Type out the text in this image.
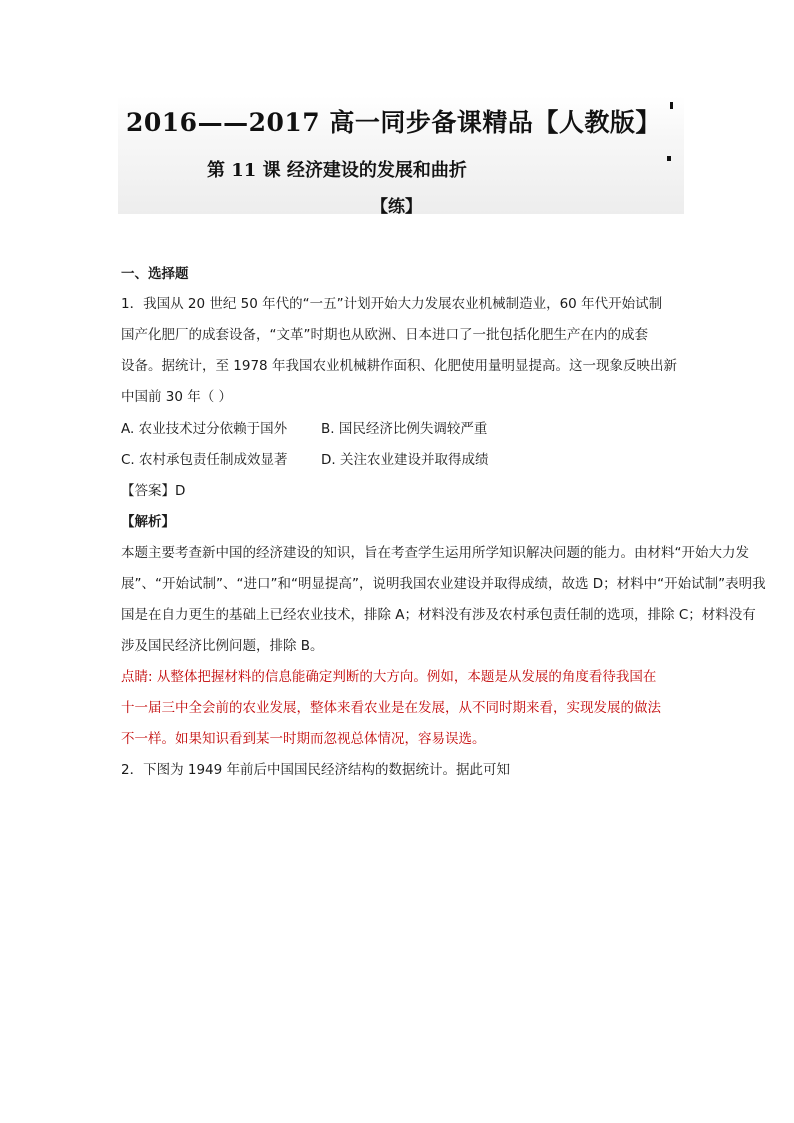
2016——2017 高一同步备课精品【人教版】
第 11 课 经济建设的发展和曲折
【练】
一、选择题
1．我国从 20 世纪 50 年代的“一五”计划开始大力发展农业机械制造业，60 年代开始试制
国产化肥厂的成套设备，“文革”时期也从欧洲、日本进口了一批包括化肥生产在内的成套
设备。据统计，至 1978 年我国农业机械耕作面积、化肥使用量明显提高。这一现象反映出新
中国前 30 年（ ）
A. 农业技术过分依赖于国外	B. 国民经济比例失调较严重
C. 农村承包责任制成效显著 D. 关注农业建设并取得成绩
【答案】D
【解析】
本题主要考查新中国的经济建设的知识，旨在考查学生运用所学知识解决问题的能力。由材料“开始大力发
展”、“开始试制”、“进口”和“明显提高”，说明我国农业建设并取得成绩，故选 D；材料中“开始试制”表明我
国是在自力更生的基础上已经农业技术，排除 A；材料没有涉及农村承包责任制的选项，排除 C；材料没有
涉及国民经济比例问题，排除 B。
点睛: 从整体把握材料的信息能确定判断的大方向。例如，本题是从发展的角度看待我国在
十一届三中全会前的农业发展，整体来看农业是在发展，从不同时期来看，实现发展的做法
不一样。如果知识看到某一时期而忽视总体情况，容易误选。
2．下图为 1949 年前后中国国民经济结构的数据统计。据此可知
